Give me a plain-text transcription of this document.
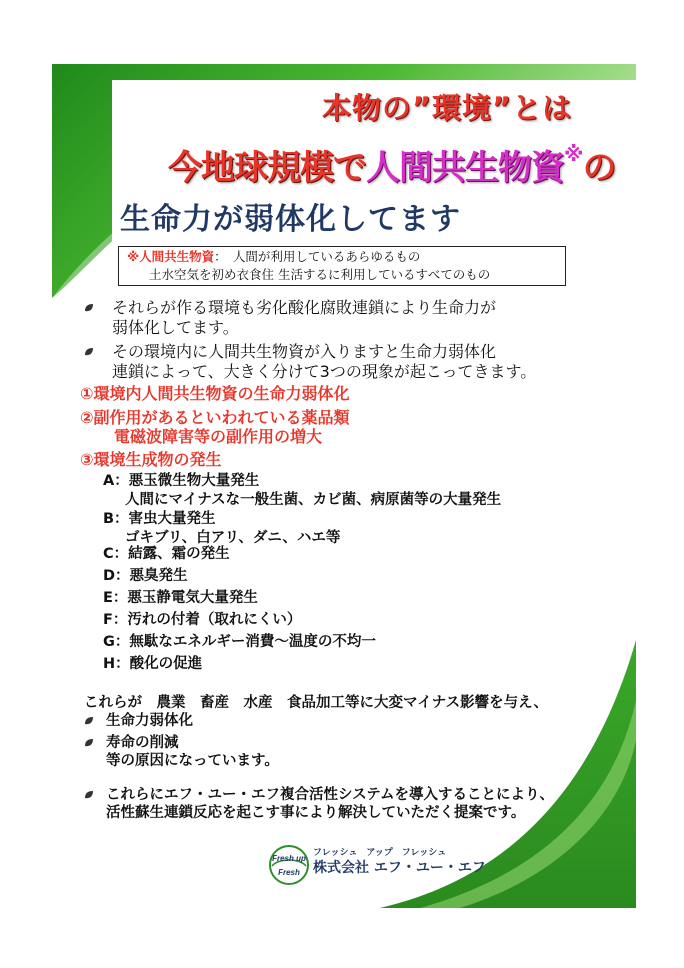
本物の”環境”とは
今地球規模で人間共生物資※の
生命力が弱体化してます
※人間共生物資：　人間が利用しているあらゆるもの
土水空気を初め衣食住 生活するに利用しているすべてのもの
それらが作る環境も劣化酸化腐敗連鎖により生命力が
弱体化してます。
その環境内に人間共生物資が入りますと生命力弱体化
連鎖によって、大きく分けて3つの現象が起こってきます。
①環境内人間共生物資の生命力弱体化
②副作用があるといわれている薬品類
電磁波障害等の副作用の増大
③環境生成物の発生
A：悪玉微生物大量発生
人間にマイナスな一般生菌、カビ菌、病原菌等の大量発生
B：害虫大量発生
ゴキブリ、白アリ、ダニ、ハエ等
C：結露、霜の発生
D：悪臭発生
E：悪玉静電気大量発生
F：汚れの付着（取れにくい）
G：無駄なエネルギー消費～温度の不均一
H：酸化の促進
これらが　農業　畜産　水産　食品加工等に大変マイナス影響を与え、
生命力弱体化
寿命の削減
等の原因になっています。
これらにエフ・ユー・エフ複合活性システムを導入することにより、
活性蘇生連鎖反応を起こす事により解決していただく提案です。
Fresh up
Fresh
フレッシュ　アップ　フレッシュ
株式会社 エフ・ユー・エフ
